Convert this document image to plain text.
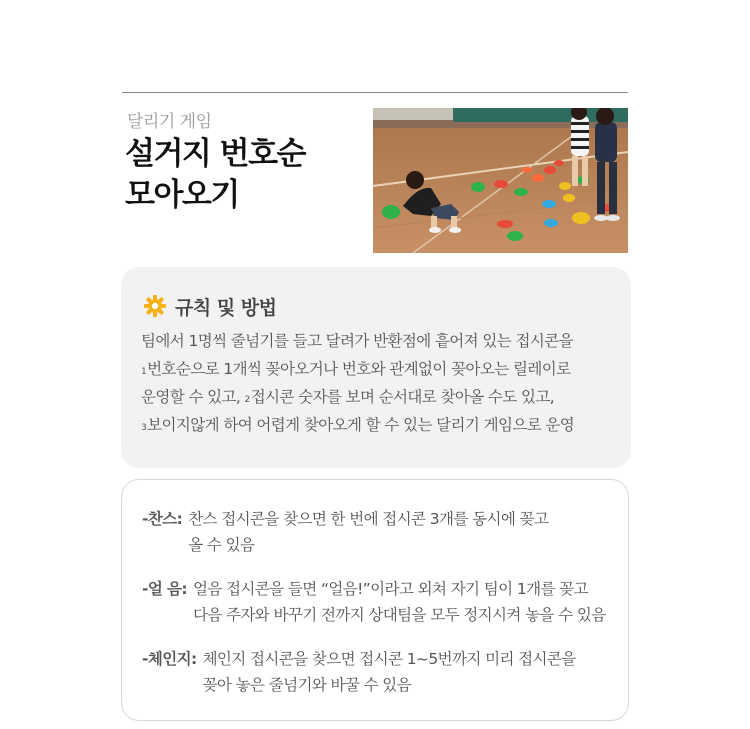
달리기 게임
설거지 번호순
모아오기
규칙 및 방법
팀에서 1명씩 줄넘기를 들고 달려가 반환점에 흩어져 있는 접시콘을
$^1$번호순으로 1개씩 꽂아오거나 번호와 관계없이 꽂아오는 릴레이로
운영할 수 있고, $^2$접시콘 숫자를 보며 순서대로 찾아올 수도 있고,
$^3$보이지않게 하여 어렵게 찾아오게 할 수 있는 달리기 게임으로 운영
-찬스: 찬스 접시콘을 찾으면 한 번에 접시콘 3개를 동시에 꽂고
올 수 있음
-얼 음: 얼음 접시콘을 들면 “얼음!”이라고 외쳐 자기 팀이 1개를 꽂고
다음 주자와 바꾸기 전까지 상대팀을 모두 정지시켜 놓을 수 있음
-체인지: 체인지 접시콘을 찾으면 접시콘 1~5번까지 미리 접시콘을
꽂아 놓은 줄넘기와 바꿀 수 있음
